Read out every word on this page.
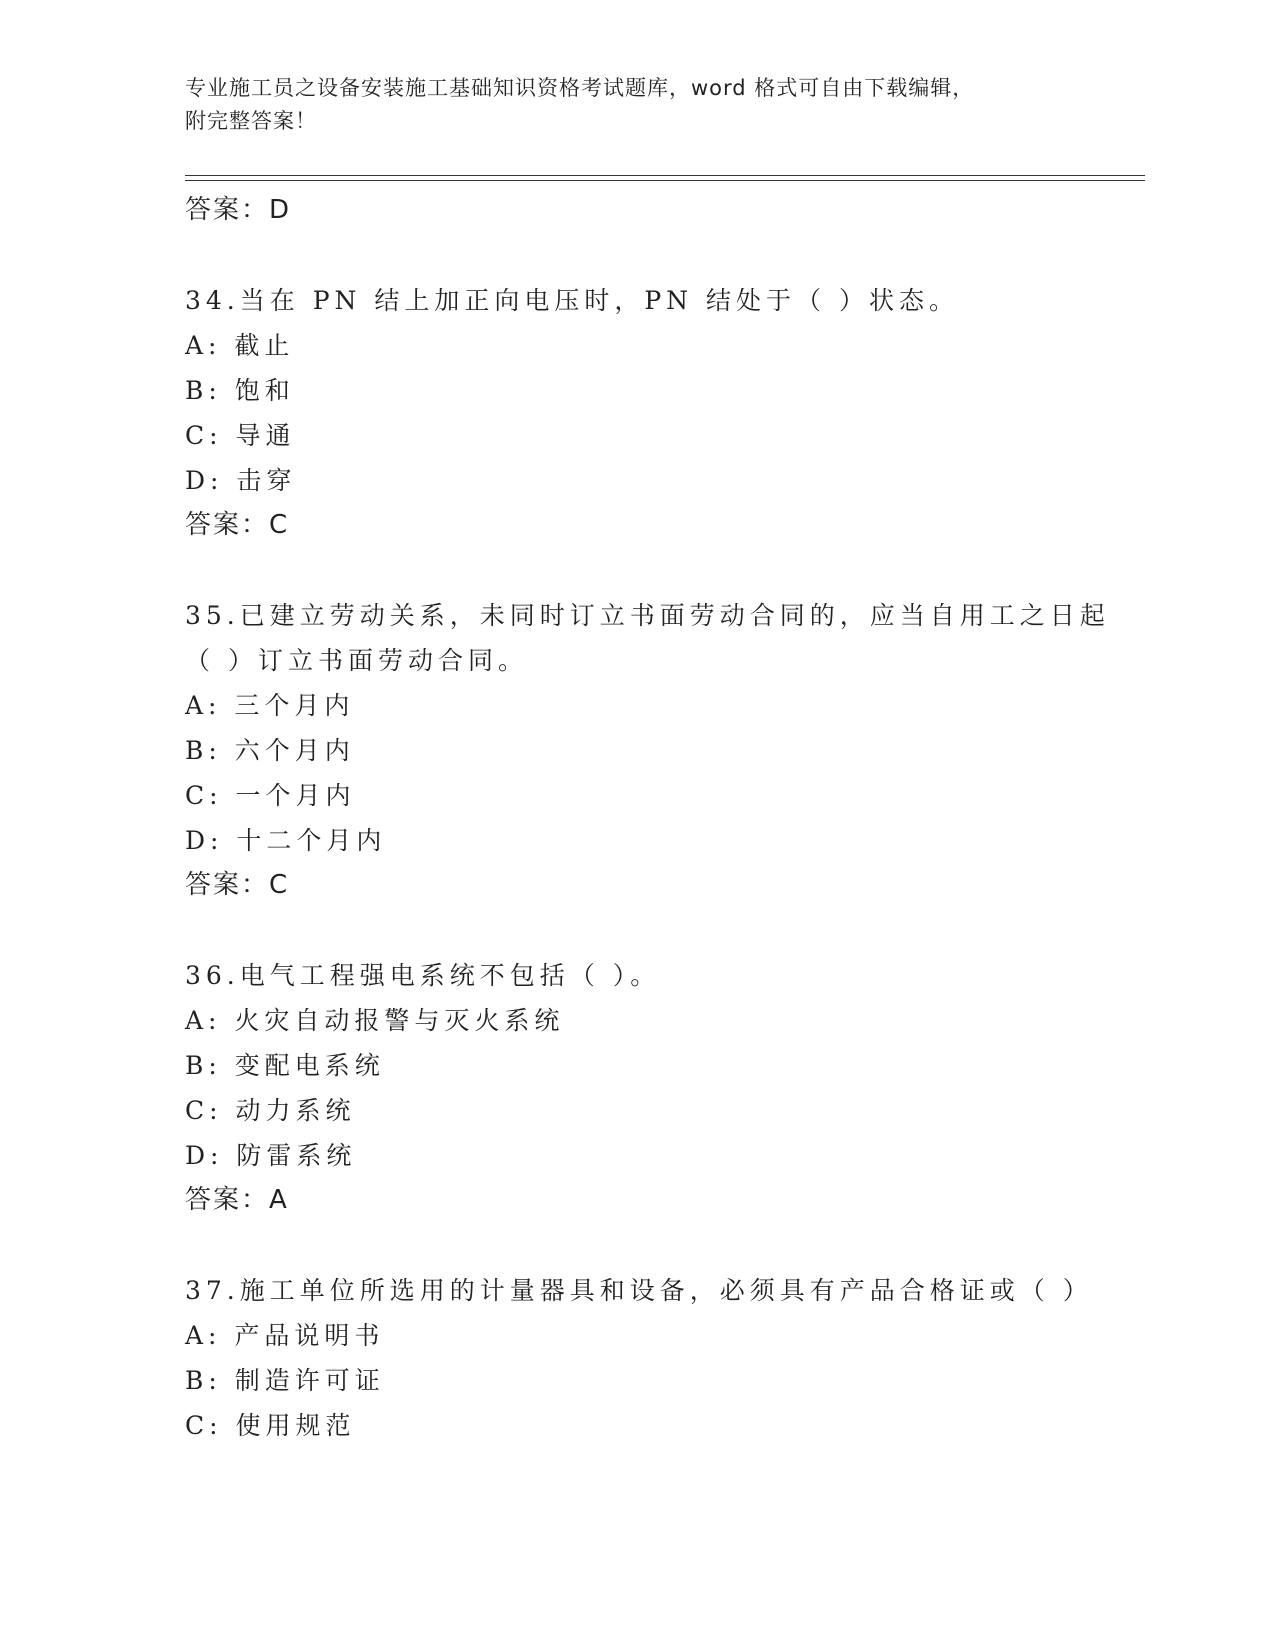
专业施工员之设备安装施工基础知识资格考试题库，word 格式可自由下载编辑，
附完整答案！
答案：D
34.当在 PN 结上加正向电压时，PN 结处于（ ）状态。
A: 截止
B: 饱和
C: 导通
D: 击穿
答案：C
35.已建立劳动关系，未同时订立书面劳动合同的，应当自用工之日起
（ ）订立书面劳动合同。
A: 三个月内
B: 六个月内
C: 一个月内
D: 十二个月内
答案：C
36.电气工程强电系统不包括（ ）。
A: 火灾自动报警与灭火系统
B: 变配电系统
C: 动力系统
D: 防雷系统
答案：A
37.施工单位所选用的计量器具和设备，必须具有产品合格证或（ ）
A: 产品说明书
B: 制造许可证
C: 使用规范
